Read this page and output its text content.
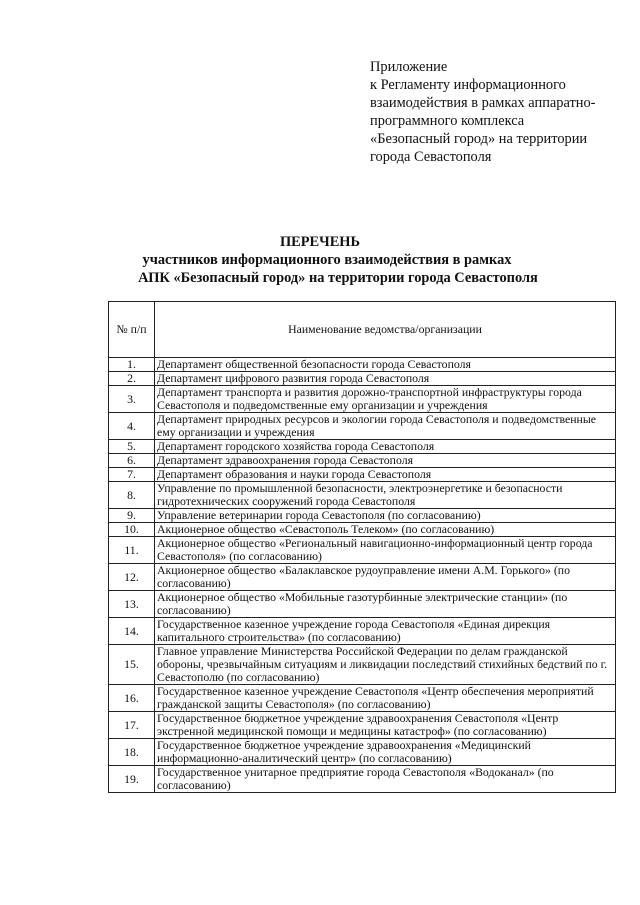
Приложение
к Регламенту информационного
взаимодействия в рамках аппаратно-
программного комплекса
«Безопасный город» на территории
города Севастополя
ПЕРЕЧЕНЬ
участников информационного взаимодействия в рамках
АПК «Безопасный город» на территории города Севастополя
№ п/п	Наименование ведомства/организации
1.	Департамент общественной безопасности города Севастополя
2.	Департамент цифрового развития города Севастополя
3.	Департамент транспорта и развития дорожно-транспортной инфраструктуры города Севастополя и подведомственные ему организации и учреждения
4.	Департамент природных ресурсов и экологии города Севастополя и подведомственные ему организации и учреждения
5.	Департамент городского хозяйства города Севастополя
6.	Департамент здравоохранения города Севастополя
7.	Департамент образования и науки города Севастополя
8.	Управление по промышленной безопасности, электроэнергетике и безопасности гидротехнических сооружений города Севастополя
9.	Управление ветеринарии города Севастополя (по согласованию)
10.	Акционерное общество «Севастополь Телеком» (по согласованию)
11.	Акционерное общество «Региональный навигационно-информационный центр города Севастополя» (по согласованию)
12.	Акционерное общество «Балаклавское рудоуправление имени А.М. Горького» (по согласованию)
13.	Акционерное общество «Мобильные газотурбинные электрические станции» (по согласованию)
14.	Государственное казенное учреждение города Севастополя «Единая дирекция капитального строительства» (по согласованию)
15.	Главное управление Министерства Российской Федерации по делам гражданской обороны, чрезвычайным ситуациям и ликвидации последствий стихийных бедствий по г. Севастополю (по согласованию)
16.	Государственное казенное учреждение Севастополя «Центр обеспечения мероприятий гражданской защиты Севастополя» (по согласованию)
17.	Государственное бюджетное учреждение здравоохранения Севастополя «Центр экстренной медицинской помощи и медицины катастроф» (по согласованию)
18.	Государственное бюджетное учреждение здравоохранения «Медицинский информационно-аналитический центр» (по согласованию)
19.	Государственное унитарное предприятие города Севастополя «Водоканал» (по согласованию)
